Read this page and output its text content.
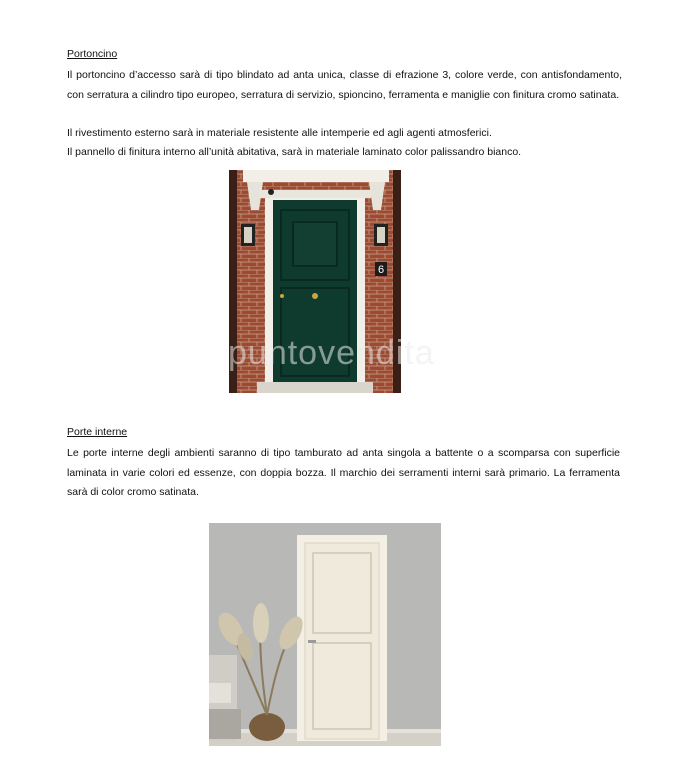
Portoncino

Il portoncino d’accesso sarà di tipo blindato ad anta unica, classe di efrazione 3, colore verde, con antisfondamento, con serratura a cilindro tipo europeo, serratura di servizio, spioncino, ferramenta e maniglie con finitura cromo satinata.

Il rivestimento esterno sarà in materiale resistente alle intemperie ed agli agenti atmosferici.

Il pannello di finitura interno all’unità abitativa, sarà in materiale laminato color palissandro bianco.

6
puntovendita

Porte interne

Le porte interne degli ambienti saranno di tipo tamburato ad anta singola a battente o a scomparsa con superficie laminata in varie colori ed essenze, con doppia bozza. Il marchio dei serramenti interni sarà primario. La ferramenta sarà di color cromo satinata.
